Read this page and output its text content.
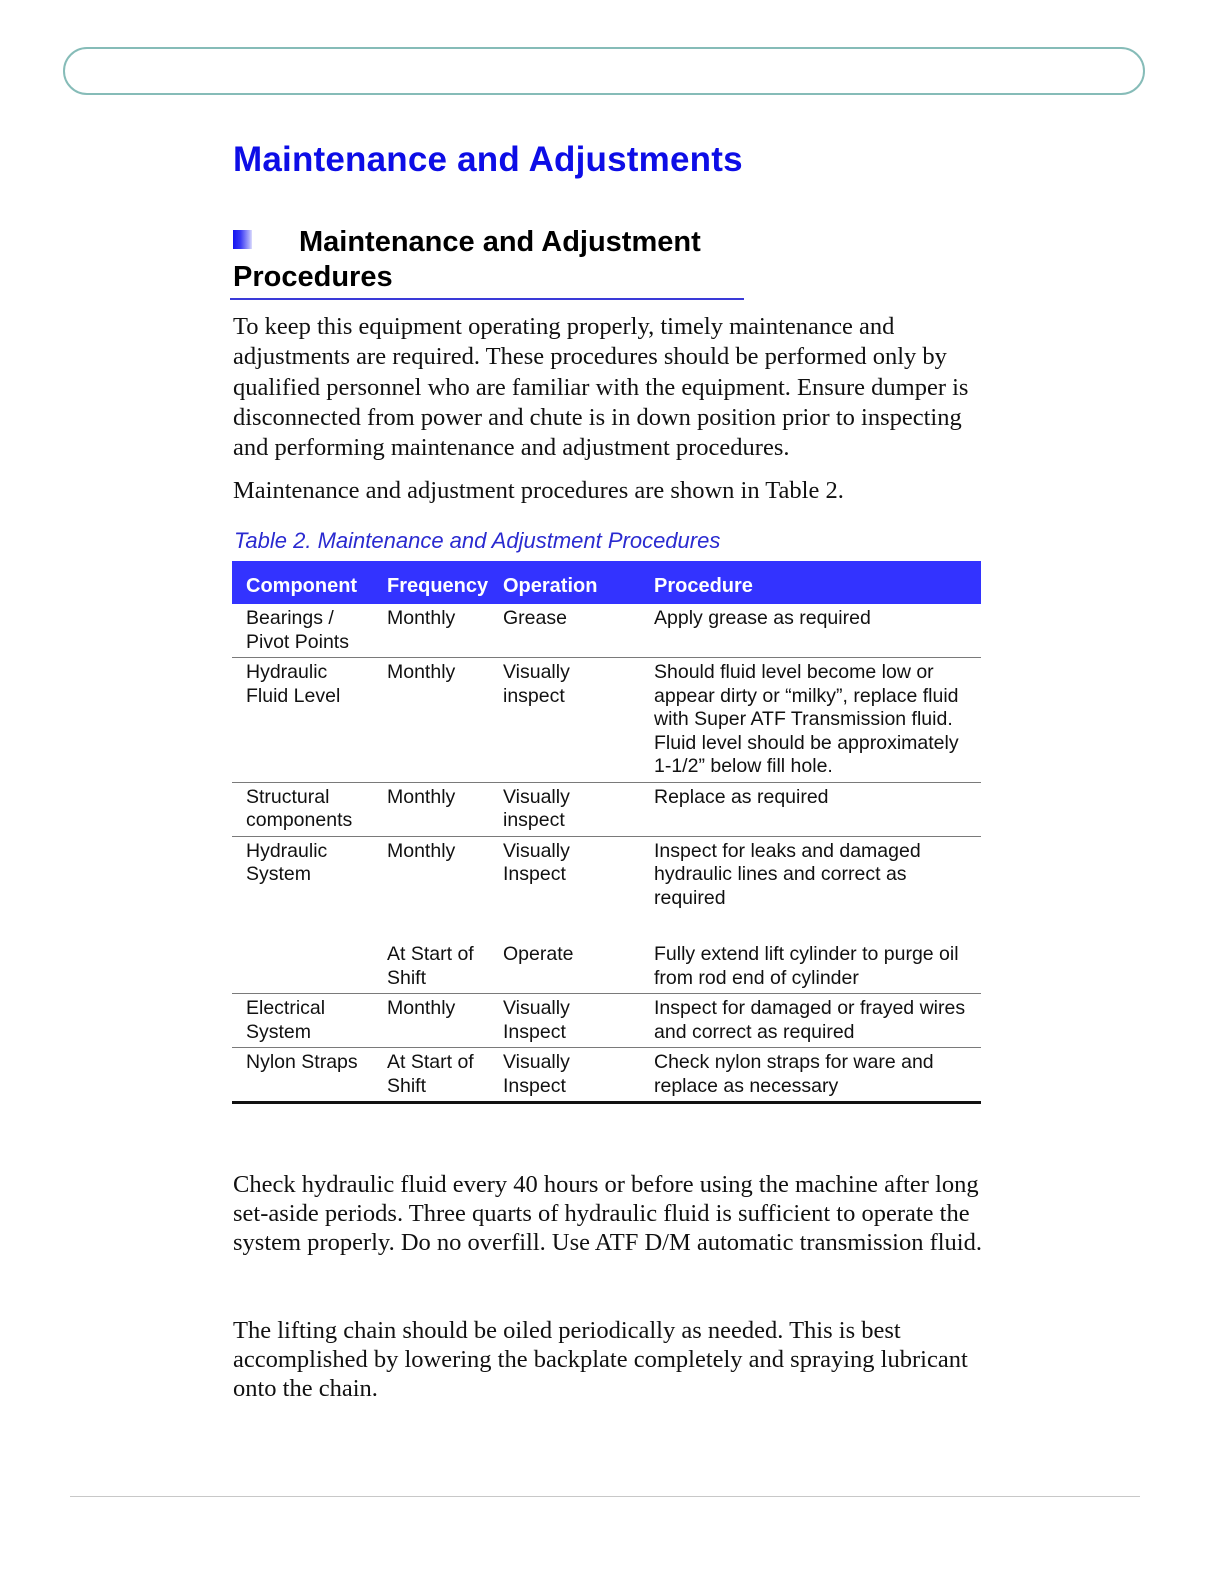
Maintenance and Adjustments
Maintenance and Adjustment Procedures

To keep this equipment operating properly, timely maintenance and adjustments are required. These procedures should be performed only by qualified personnel who are familiar with the equipment. Ensure dumper is disconnected from power and chute is in down position prior to inspecting and performing maintenance and adjustment procedures.

Maintenance and adjustment procedures are shown in Table 2.

Table 2. Maintenance and Adjustment Procedures

Component	Frequency	Operation	Procedure
Bearings / Pivot Points	Monthly	Grease	Apply grease as required
Hydraulic Fluid Level	Monthly	Visually inspect	Should fluid level become low or appear dirty or “milky”, replace fluid with Super ATF Transmission fluid. Fluid level should be approximately 1-1/2” below fill hole.
Structural components	Monthly	Visually inspect	Replace as required
Hydraulic System	Monthly	Visually Inspect	Inspect for leaks and damaged hydraulic lines and correct as required
	At Start of Shift	Operate	Fully extend lift cylinder to purge oil from rod end of cylinder
Electrical System	Monthly	Visually Inspect	Inspect for damaged or frayed wires and correct as required
Nylon Straps	At Start of Shift	Visually Inspect	Check nylon straps for ware and replace as necessary

Check hydraulic fluid every 40 hours or before using the machine after long set-aside periods. Three quarts of hydraulic fluid is sufficient to operate the system properly. Do no overfill. Use ATF D/M automatic transmission fluid.

The lifting chain should be oiled periodically as needed. This is best accomplished by lowering the backplate completely and spraying lubricant onto the chain.
